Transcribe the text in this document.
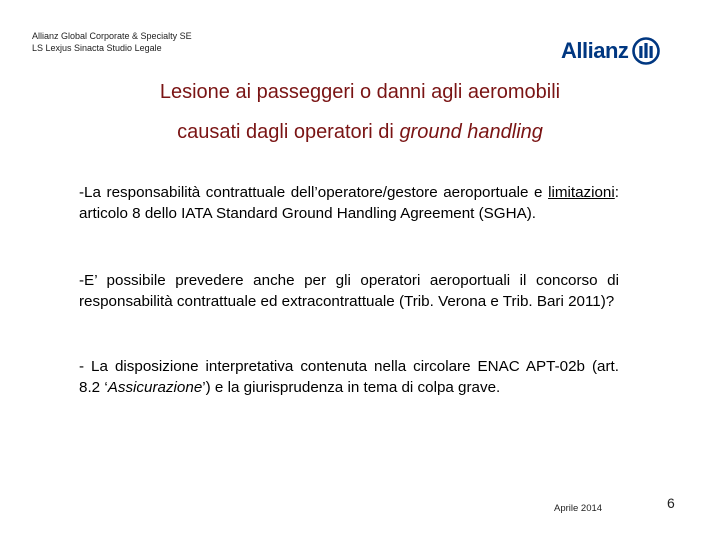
Allianz Global Corporate & Specialty SE
LS Lexjus Sinacta Studio Legale	Allianz
Lesione ai passeggeri o danni agli aeromobili
causati dagli operatori di ground handling
-La responsabilità contrattuale dell’operatore/gestore aeroportuale e limitazioni: articolo 8 dello IATA Standard Ground Handling Agreement (SGHA).
-E’ possibile prevedere anche per gli operatori aeroportuali il concorso di responsabilità contrattuale ed extracontrattuale (Trib. Verona e Trib. Bari 2011)?
- La disposizione interpretativa contenuta nella circolare ENAC APT-02b (art. 8.2 ‘Assicurazione’) e la giurisprudenza in tema di colpa grave.
Aprile 2014	6
